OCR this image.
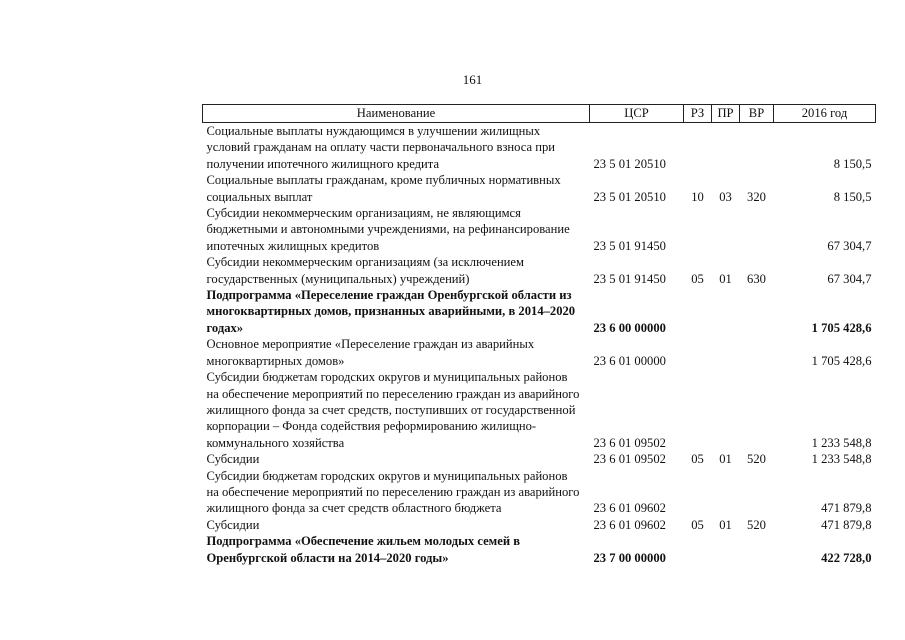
161
Наименование	ЦСР	РЗ	ПР	ВР	2016 год

Социальные выплаты нуждающимся в улучшении жилищных
условий гражданам на оплату части первоначального взноса при
получении ипотечного жилищного кредита	23 5 01 20510				8 150,5

Социальные выплаты гражданам, кроме публичных нормативных
социальных выплат	23 5 01 20510	10	03	320	8 150,5

Субсидии некоммерческим организациям, не являющимся
бюджетными и автономными учреждениями, на рефинансирование
ипотечных жилищных кредитов	23 5 01 91450				67 304,7

Субсидии некоммерческим организациям (за исключением
государственных (муниципальных) учреждений)	23 5 01 91450	05	01	630	67 304,7

Подпрограмма «Переселение граждан Оренбургской области из
многоквартирных домов, признанных аварийными, в 2014–2020
годах»	23 6 00 00000				1 705 428,6

Основное мероприятие «Переселение граждан из аварийных
многоквартирных домов»	23 6 01 00000				1 705 428,6

Субсидии бюджетам городских округов и муниципальных районов
на обеспечение мероприятий по переселению граждан из аварийного
жилищного фонда за счет средств, поступивших от государственной
корпорации – Фонда содействия реформированию жилищно-
коммунального хозяйства	23 6 01 09502				1 233 548,8

Субсидии	23 6 01 09502	05	01	520	1 233 548,8

Субсидии бюджетам городских округов и муниципальных районов
на обеспечение мероприятий по переселению граждан из аварийного
жилищного фонда за счет средств областного бюджета	23 6 01 09602				471 879,8

Субсидии	23 6 01 09602	05	01	520	471 879,8

Подпрограмма «Обеспечение жильем молодых семей в
Оренбургской области на 2014–2020 годы»	23 7 00 00000				422 728,0
